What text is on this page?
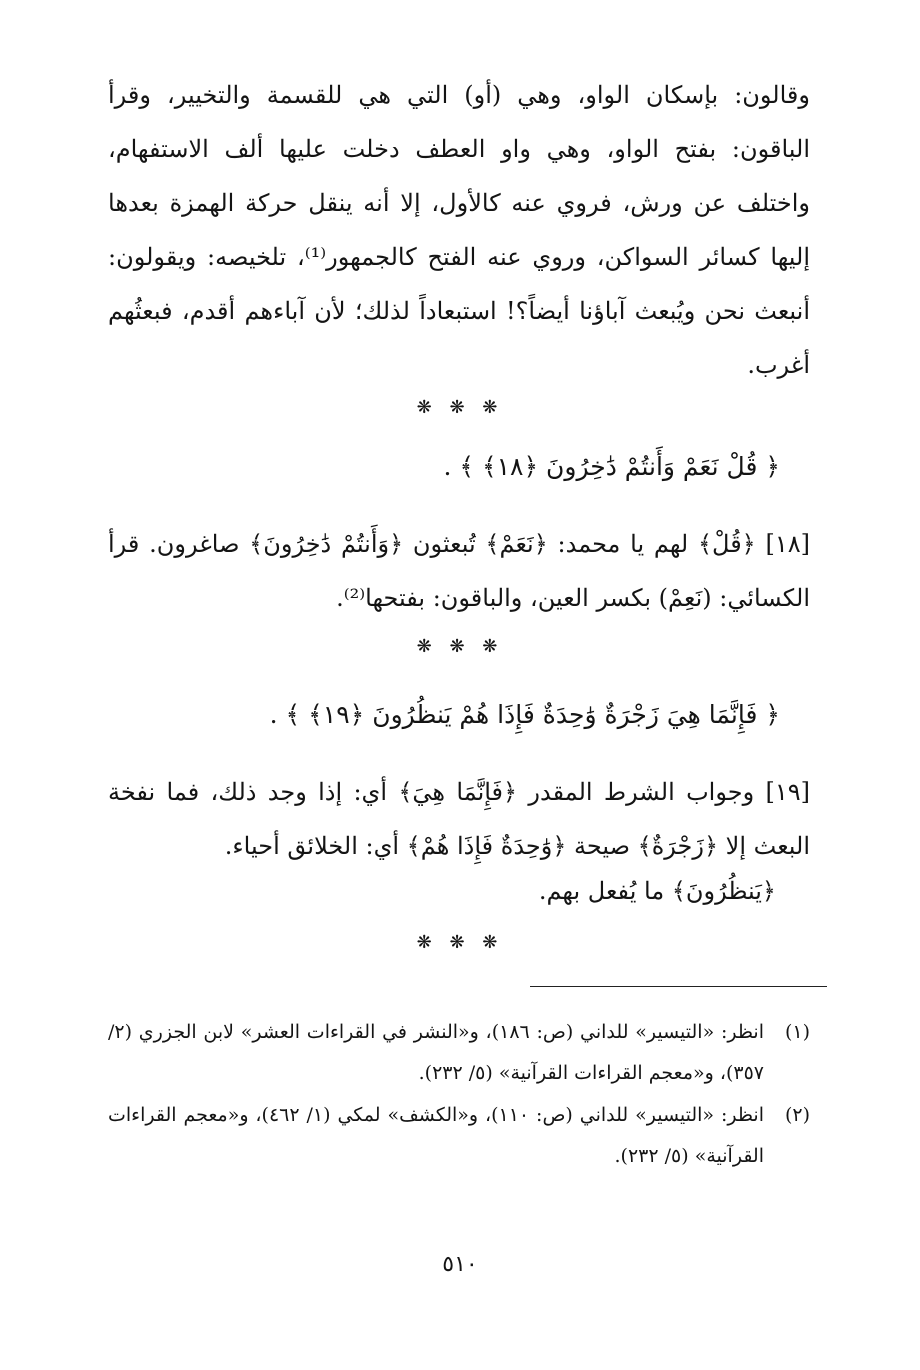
وقالون: بإسكان الواو، وهي (أو) التي هي للقسمة والتخيير، وقرأ الباقون: بفتح الواو، وهي واو العطف دخلت عليها ألف الاستفهام، واختلف عن ورش، فروي عنه كالأول، إلا أنه ينقل حركة الهمزة بعدها إليها كسائر السواكن، وروي عنه الفتح كالجمهور⁽¹⁾، تلخيصه: ويقولون: أنبعث نحن ويُبعث آباؤنا أيضاً؟! استبعاداً لذلك؛ لأن آباءهم أقدم، فبعثُهم أغرب.

❋ ❋ ❋

﴿ قُلْ نَعَمْ وَأَنتُمْ دَٰخِرُونَ ﴿١٨﴾ ﴾ .

[١٨] ﴿قُلْ﴾ لهم يا محمد: ﴿نَعَمْ﴾ تُبعثون ﴿وَأَنتُمْ دَٰخِرُونَ﴾ صاغرون. قرأ الكسائي: (نَعِمْ) بكسر العين، والباقون: بفتحها⁽²⁾.

❋ ❋ ❋

﴿ فَإِنَّمَا هِيَ زَجْرَةٌ وَٰحِدَةٌ فَإِذَا هُمْ يَنظُرُونَ ﴿١٩﴾ ﴾ .

[١٩] وجواب الشرط المقدر ﴿فَإِنَّمَا هِيَ﴾ أي: إذا وجد ذلك، فما نفخة البعث إلا ﴿زَجْرَةٌ﴾ صيحة ﴿وَٰحِدَةٌ فَإِذَا هُمْ﴾ أي: الخلائق أحياء.

﴿يَنظُرُونَ﴾ ما يُفعل بهم.

❋ ❋ ❋

(١)
انظر: «التيسير» للداني (ص: ١٨٦)، و«النشر في القراءات العشر» لابن الجزري (٢/ ٣٥٧)، و«معجم القراءات القرآنية» (٥/ ٢٣٢).
(٢)
انظر: «التيسير» للداني (ص: ١١٠)، و«الكشف» لمكي (١/ ٤٦٢)، و«معجم القراءات القرآنية» (٥/ ٢٣٢).

٥١٠
